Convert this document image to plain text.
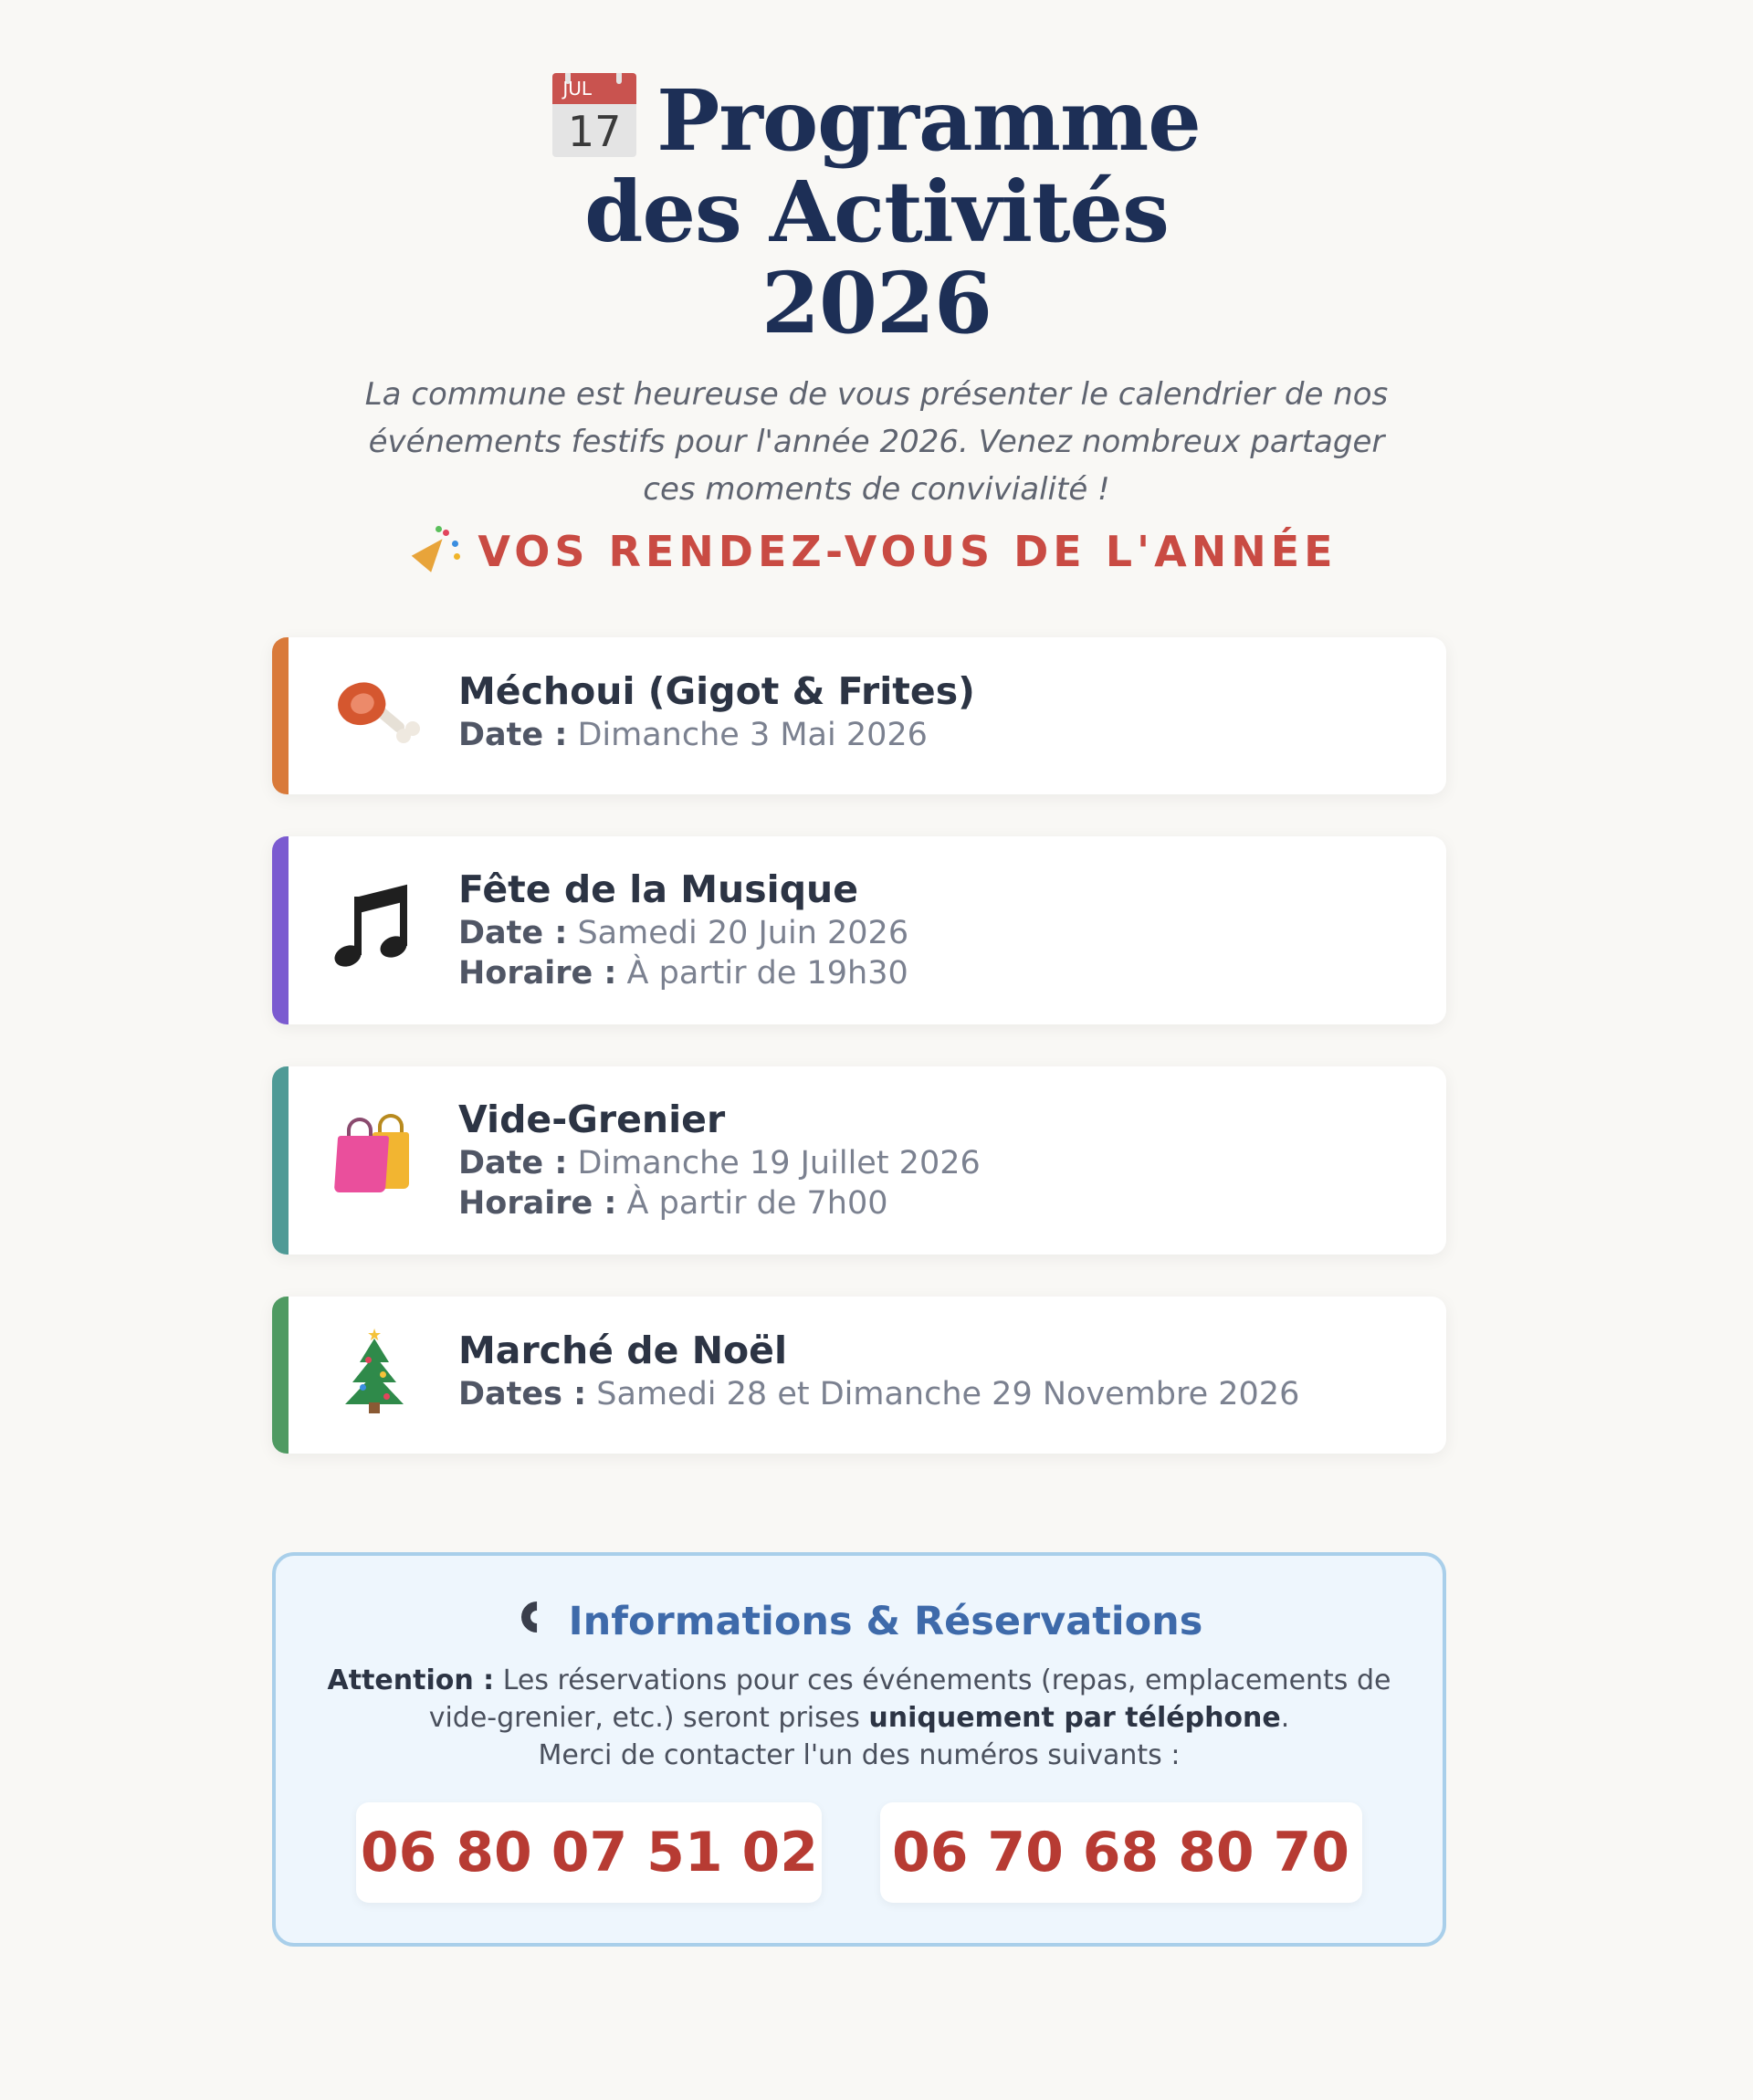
JUL
17 Programme des Activités 2026

La commune est heureuse de vous présenter le calendrier de nos événements festifs pour l'année 2026. Venez nombreux partager ces moments de convivialité !

VOS RENDEZ-VOUS DE L'ANNÉE
Méchoui (Gigot & Frites)
Date : Dimanche 3 Mai 2026
Fête de la Musique
Date : Samedi 20 Juin 2026
Horaire : À partir de 19h30
Vide-Grenier
Date : Dimanche 19 Juillet 2026
Horaire : À partir de 7h00
★ Marché de Noël
Dates : Samedi 28 et Dimanche 29 Novembre 2026
Informations & Réservations
Attention : Les réservations pour ces événements (repas, emplacements de vide-grenier, etc.) seront prises uniquement par téléphone.
Merci de contacter l'un des numéros suivants :
06 80 07 51 02 06 70 68 80 70
